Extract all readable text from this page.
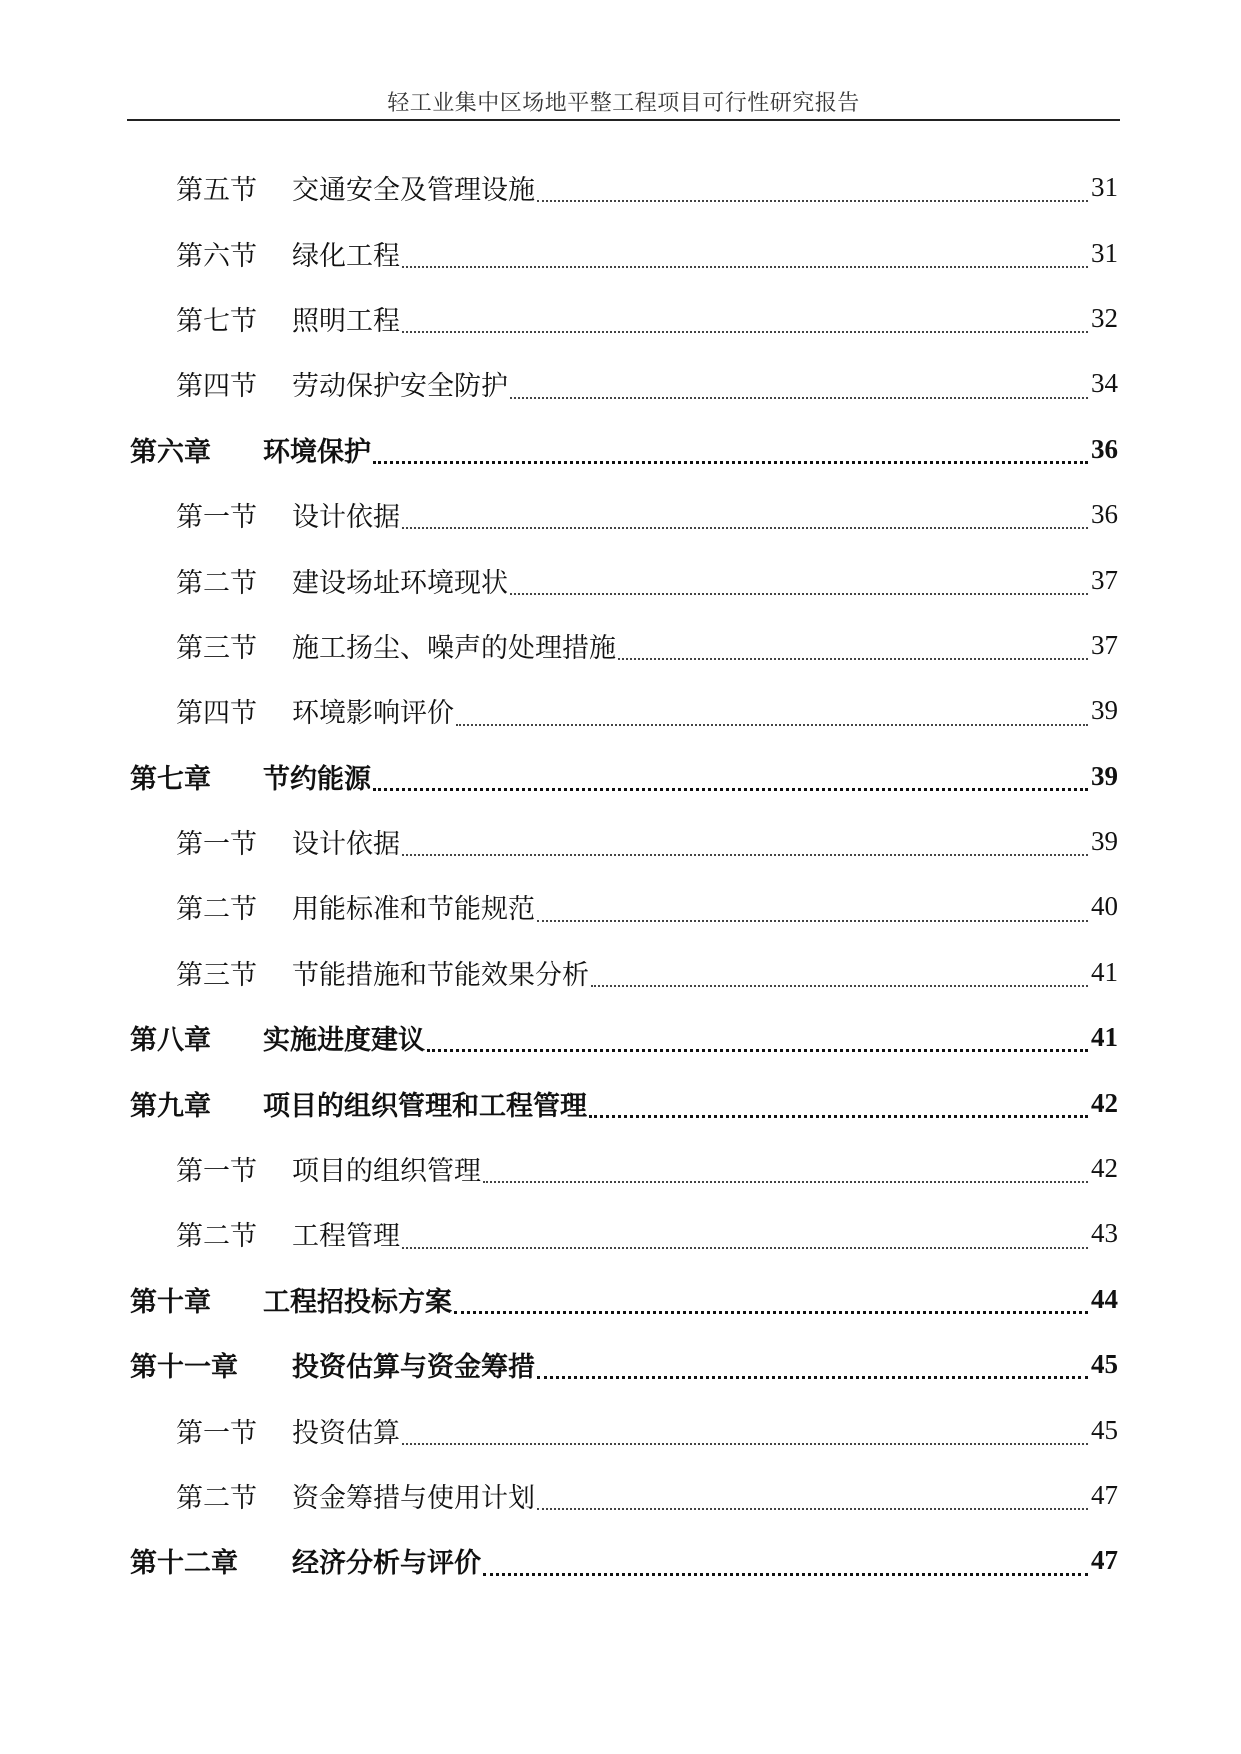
轻工业集中区场地平整工程项目可行性研究报告
第五节	交通安全及管理设施	31
第六节	绿化工程	31
第七节	照明工程	32
第四节	劳动保护安全防护	34
第六章	环境保护	36
第一节	设计依据	36
第二节	建设场址环境现状	37
第三节	施工扬尘、噪声的处理措施	37
第四节	环境影响评价	39
第七章	节约能源	39
第一节	设计依据	39
第二节	用能标准和节能规范	40
第三节	节能措施和节能效果分析	41
第八章	实施进度建议	41
第九章	项目的组织管理和工程管理	42
第一节	项目的组织管理	42
第二节	工程管理	43
第十章	工程招投标方案	44
第十一章	投资估算与资金筹措	45
第一节	投资估算	45
第二节	资金筹措与使用计划	47
第十二章	经济分析与评价	47
